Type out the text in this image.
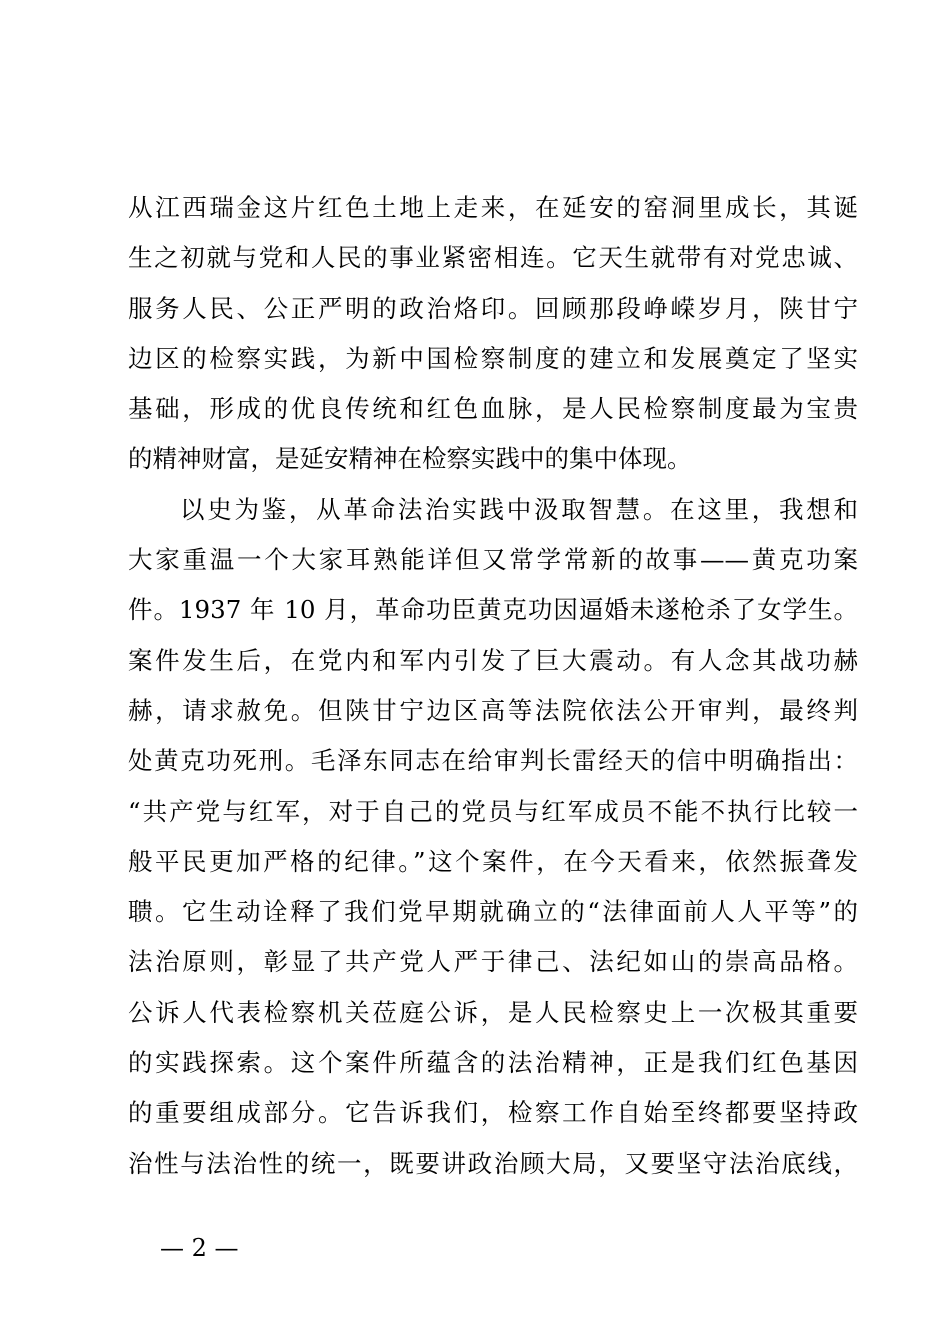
从江西瑞金这片红色土地上走来，在延安的窑洞里成长，其诞
生之初就与党和人民的事业紧密相连。它天生就带有对党忠诚、
服务人民、公正严明的政治烙印。回顾那段峥嵘岁月，陕甘宁
边区的检察实践，为新中国检察制度的建立和发展奠定了坚实
基础，形成的优良传统和红色血脉，是人民检察制度最为宝贵
的精神财富，是延安精神在检察实践中的集中体现。
以史为鉴，从革命法治实践中汲取智慧。在这里，我想和
大家重温一个大家耳熟能详但又常学常新的故事——黄克功案
件。1937 年 10 月，革命功臣黄克功因逼婚未遂枪杀了女学生。
案件发生后，在党内和军内引发了巨大震动。有人念其战功赫
赫，请求赦免。但陕甘宁边区高等法院依法公开审判，最终判
处黄克功死刑。毛泽东同志在给审判长雷经天的信中明确指出：
“共产党与红军，对于自己的党员与红军成员不能不执行比较一
般平民更加严格的纪律。”这个案件，在今天看来，依然振聋发
聩。它生动诠释了我们党早期就确立的“法律面前人人平等”的
法治原则，彰显了共产党人严于律己、法纪如山的崇高品格。
公诉人代表检察机关莅庭公诉，是人民检察史上一次极其重要
的实践探索。这个案件所蕴含的法治精神，正是我们红色基因
的重要组成部分。它告诉我们，检察工作自始至终都要坚持政
治性与法治性的统一，既要讲政治顾大局，又要坚守法治底线，
— 2 —
